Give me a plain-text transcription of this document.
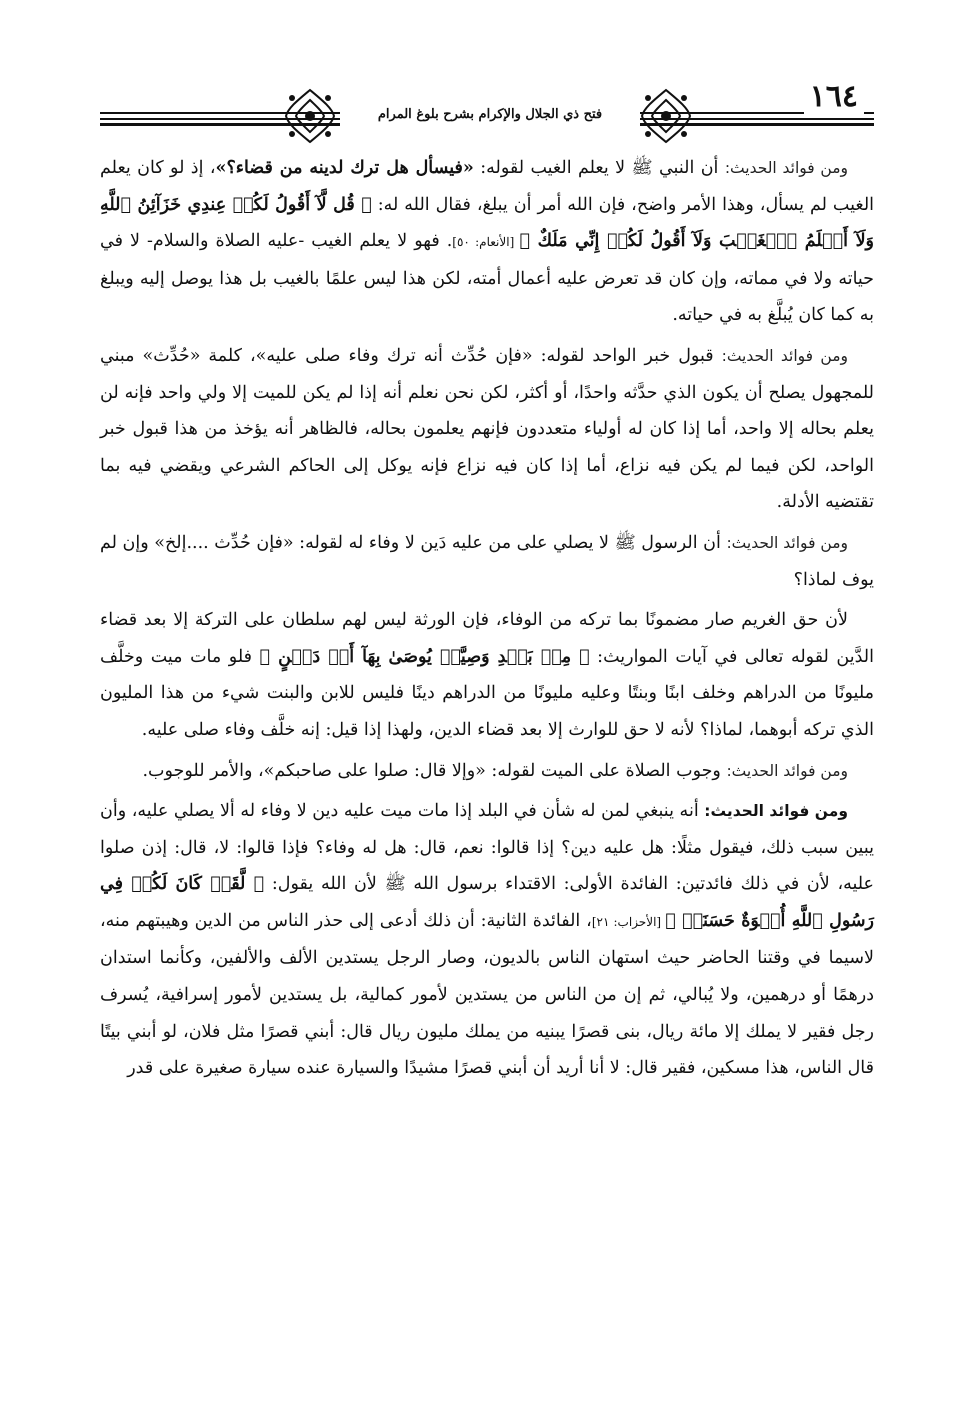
فتح ذي الجلال والإكرام بشرح بلوغ المرام
١٦٤

ومن فوائد الحديث: أن النبي ﷺ لا يعلم الغيب لقوله: «فيسأل هل ترك لدينه من قضاء؟»، إذ لو كان يعلم الغيب لم يسأل، وهذا الأمر واضح، فإن الله أمر أن يبلغ، فقال الله له: ﴿ قُل لَّآ أَقُولُ لَكُمۡ عِندِي خَزَآئِنُ ٱللَّهِ وَلَآ أَعۡلَمُ ٱلۡغَيۡبَ وَلَآ أَقُولُ لَكُمۡ إِنِّي مَلَكٌ ﴾ [الأنعام: ٥٠]. فهو لا يعلم الغيب -عليه الصلاة والسلام- لا في حياته ولا في مماته، وإن كان قد تعرض عليه أعمال أمته، لكن هذا ليس علمًا بالغيب بل هذا يوصل إليه ويبلغ به كما كان يُبلَّغ به في حياته.

ومن فوائد الحديث: قبول خبر الواحد لقوله: «فإن حُدِّث أنه ترك وفاء صلى عليه»، كلمة «حُدِّث» مبني للمجهول يصلح أن يكون الذي حدَّثه واحدًا، أو أكثر، لكن نحن نعلم أنه إذا لم يكن للميت إلا ولي واحد فإنه لن يعلم بحاله إلا واحد، أما إذا كان له أولياء متعددون فإنهم يعلمون بحاله، فالظاهر أنه يؤخذ من هذا قبول خبر الواحد، لكن فيما لم يكن فيه نزاع، أما إذا كان فيه نزاع فإنه يوكل إلى الحاكم الشرعي ويقضي فيه بما تقتضيه الأدلة.

ومن فوائد الحديث: أن الرسول ﷺ لا يصلي على من عليه دَين لا وفاء له لقوله: «فإن حُدِّث ....إلخ» وإن لم يوف لماذا؟

لأن حق الغريم صار مضمونًا بما تركه من الوفاء، فإن الورثة ليس لهم سلطان على التركة إلا بعد قضاء الدَّين لقوله تعالى في آيات المواريث: ﴿ مِنۢ بَعۡدِ وَصِيَّةٖ يُوصَىٰ بِهَآ أَوۡ دَيۡنٍ ﴾ فلو مات ميت وخلَّف مليونًا من الدراهم وخلف ابنًا وبنتًا وعليه مليونًا من الدراهم دينًا فليس للابن والبنت شيء من هذا المليون الذي تركه أبوهما، لماذا؟ لأنه لا حق للوارث إلا بعد قضاء الدين، ولهذا إذا قيل: إنه خلَّف وفاء صلى عليه.

ومن فوائد الحديث: وجوب الصلاة على الميت لقوله: «وإلا قال: صلوا على صاحبكم»، والأمر للوجوب.

ومن فوائد الحديث: أنه ينبغي لمن له شأن في البلد إذا مات ميت عليه دين لا وفاء له ألا يصلي عليه، وأن يبين سبب ذلك، فيقول مثلًا: هل عليه دين؟ إذا قالوا: نعم، قال: هل له وفاء؟ فإذا قالوا: لا، قال: إذن صلوا عليه، لأن في ذلك فائدتين: الفائدة الأولى: الاقتداء برسول الله ﷺ لأن الله يقول: ﴿ لَّقَدۡ كَانَ لَكُمۡ فِي رَسُولِ ٱللَّهِ أُسۡوَةٌ حَسَنَةٞ ﴾ [الأحزاب: ٢١]، الفائدة الثانية: أن ذلك أدعى إلى حذر الناس من الدين وهيبتهم منه، لاسيما في وقتنا الحاضر حيث استهان الناس بالديون، وصار الرجل يستدين الألف والألفين، وكأنما استدان درهمًا أو درهمين، ولا يُبالي، ثم إن من الناس من يستدين لأمور كمالية، بل يستدين لأمور إسرافية، يُسرف رجل فقير لا يملك إلا مائة ريال، بنى قصرًا يبنيه من يملك مليون ريال قال: أبني قصرًا مثل فلان، لو أبني بيتًا قال الناس، هذا مسكين، فقير قال: لا أنا أريد أن أبني قصرًا مشيدًا والسيارة عنده سيارة صغيرة على قدر
